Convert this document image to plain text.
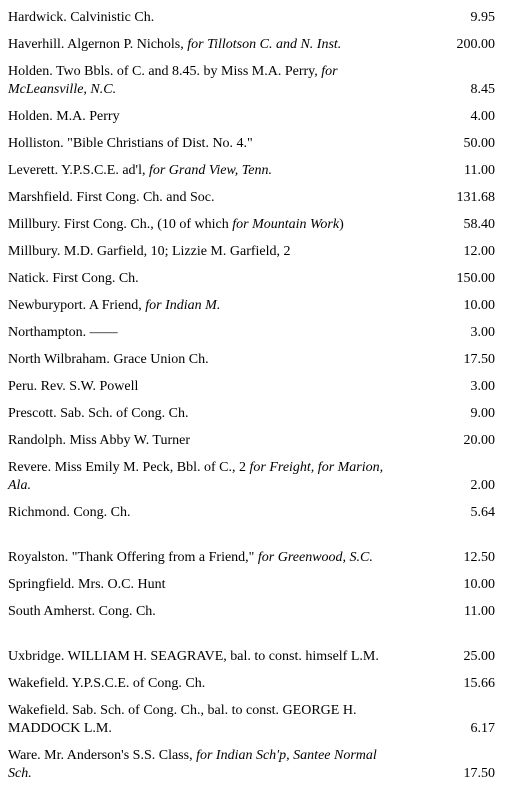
Hardwick. Calvinistic Ch.	9.95
Haverhill. Algernon P. Nichols, for Tillotson C. and N. Inst.	200.00
Holden. Two Bbls. of C. and 8.45. by Miss M.A. Perry, for McLeansville, N.C.	8.45
Holden. M.A. Perry	4.00
Holliston. "Bible Christians of Dist. No. 4."	50.00
Leverett. Y.P.S.C.E. ad'l, for Grand View, Tenn.	11.00
Marshfield. First Cong. Ch. and Soc.	131.68
Millbury. First Cong. Ch., (10 of which for Mountain Work)	58.40
Millbury. M.D. Garfield, 10; Lizzie M. Garfield, 2	12.00
Natick. First Cong. Ch.	150.00
Newburyport. A Friend, for Indian M.	10.00
Northampton. ——	3.00
North Wilbraham. Grace Union Ch.	17.50
Peru. Rev. S.W. Powell	3.00
Prescott. Sab. Sch. of Cong. Ch.	9.00
Randolph. Miss Abby W. Turner	20.00
Revere. Miss Emily M. Peck, Bbl. of C., 2 for Freight, for Marion, Ala.	2.00
Richmond. Cong. Ch.	5.64
Royalston. "Thank Offering from a Friend," for Greenwood, S.C.	12.50
Springfield. Mrs. O.C. Hunt	10.00
South Amherst. Cong. Ch.	11.00
Uxbridge. WILLIAM H. SEAGRAVE, bal. to const. himself L.M.	25.00
Wakefield. Y.P.S.C.E. of Cong. Ch.	15.66
Wakefield. Sab. Sch. of Cong. Ch., bal. to const. GEORGE H. MADDOCK L.M.	6.17
Ware. Mr. Anderson's S.S. Class, for Indian Sch'p, Santee Normal Sch.	17.50
